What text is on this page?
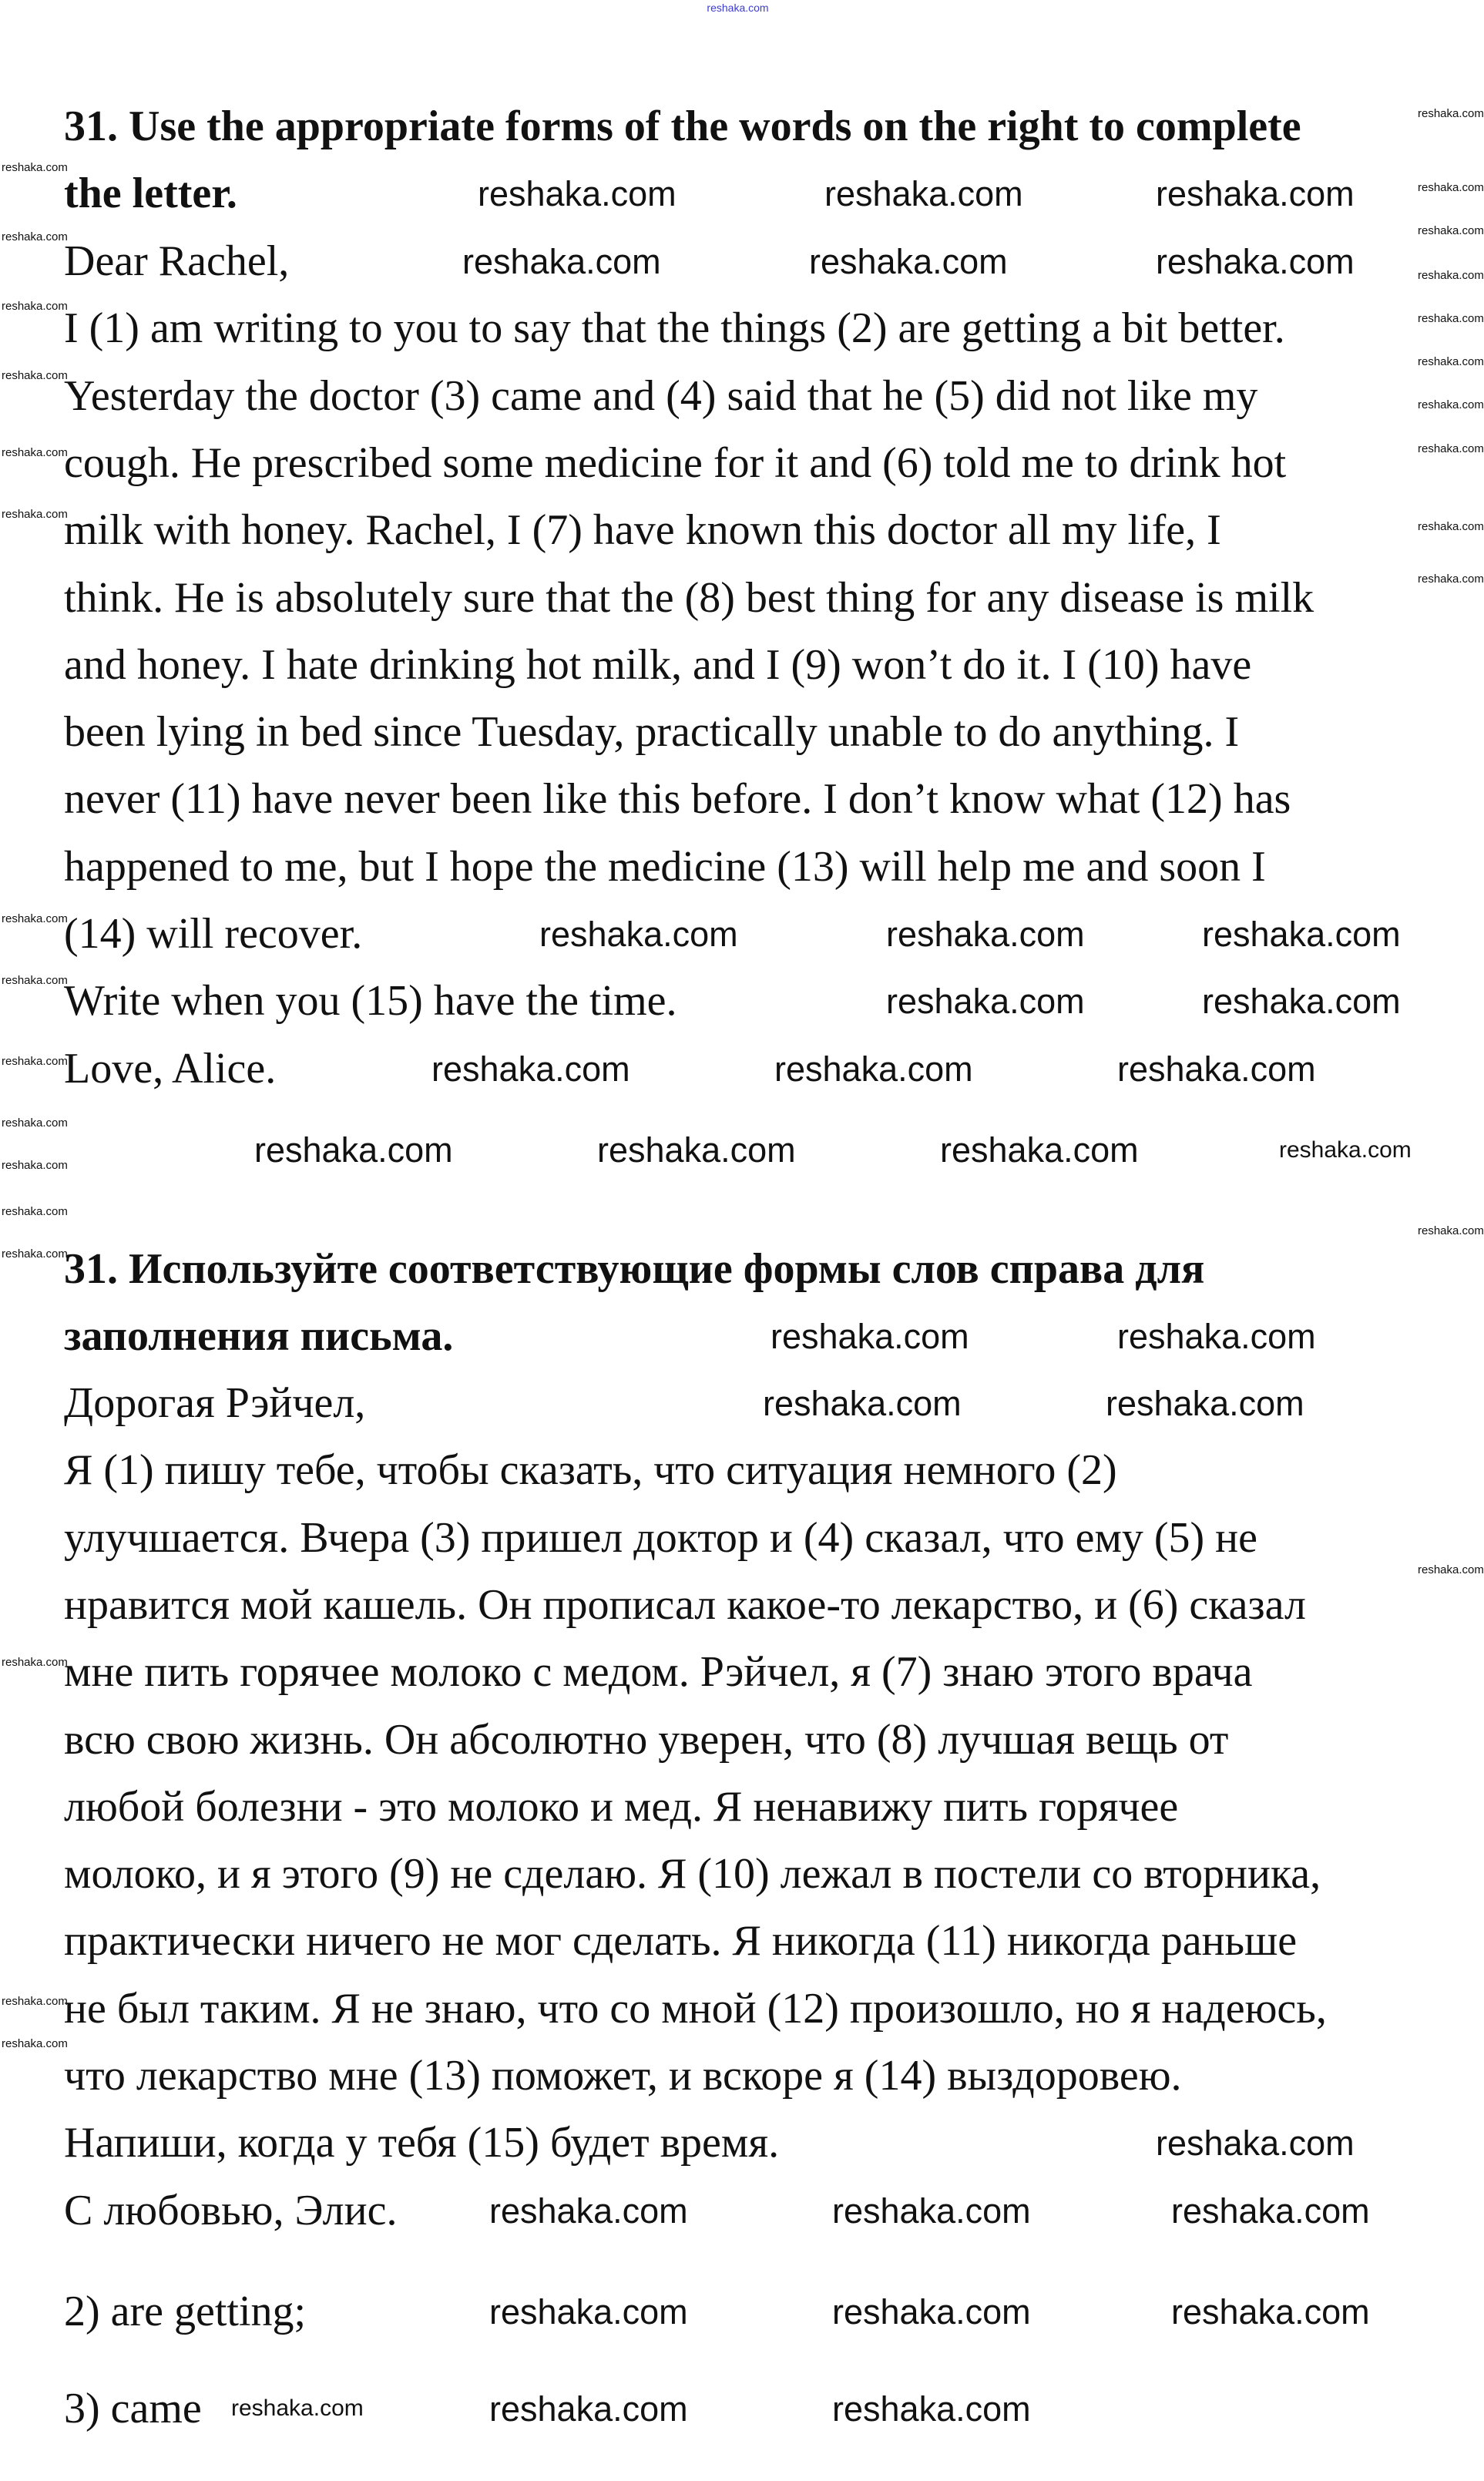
reshaka.com
31. Use the appropriate forms of the words on the right to complete
the letter.
Dear Rachel,
I (1) am writing to you to say that the things (2) are getting a bit better.
Yesterday the doctor (3) came and (4) said that he (5) did not like my
cough. He prescribed some medicine for it and (6) told me to drink hot
milk with honey. Rachel, I (7) have known this doctor all my life, I
think. He is absolutely sure that the (8) best thing for any disease is milk
and honey. I hate drinking hot milk, and I (9) won’t do it. I (10) have
been lying in bed since Tuesday, practically unable to do anything. I
never (11) have never been like this before. I don’t know what (12) has
happened to me, but I hope the medicine (13) will help me and soon I
(14) will recover.
Write when you (15) have the time.
Love, Alice.
31. Используйте соответствующие формы слов справа для
заполнения письма.
Дорогая Рэйчел,
Я (1) пишу тебе, чтобы сказать, что ситуация немного (2)
улучшается. Вчера (3) пришел доктор и (4) сказал, что ему (5) не
нравится мой кашель. Он прописал какое-то лекарство, и (6) сказал
мне пить горячее молоко с медом. Рэйчел, я (7) знаю этого врача
всю свою жизнь. Он абсолютно уверен, что (8) лучшая вещь от
любой болезни - это молоко и мед. Я ненавижу пить горячее
молоко, и я этого (9) не сделаю. Я (10) лежал в постели со вторника,
практически ничего не мог сделать. Я никогда (11) никогда раньше
не был таким. Я не знаю, что со мной (12) произошло, но я надеюсь,
что лекарство мне (13) поможет, и вскоре я (14) выздоровею.
Напиши, когда у тебя (15) будет время.
С любовью, Элис.
2) are getting;
3) came
reshaka.com	reshaka.com	reshaka.com
reshaka.com	reshaka.com	reshaka.com
reshaka.com	reshaka.com	reshaka.com
reshaka.com	reshaka.com
reshaka.com	reshaka.com	reshaka.com
reshaka.com	reshaka.com	reshaka.com	reshaka.com
reshaka.com	reshaka.com
reshaka.com	reshaka.com
reshaka.com
reshaka.com	reshaka.com	reshaka.com
reshaka.com	reshaka.com	reshaka.com
reshaka.com	reshaka.com	reshaka.com
reshaka.com
reshaka.com
reshaka.com
reshaka.com
reshaka.com
reshaka.com
reshaka.com
reshaka.com
reshaka.com
reshaka.com
reshaka.com
reshaka.com
reshaka.com
reshaka.com
reshaka.com
reshaka.com
reshaka.com
reshaka.com
reshaka.com
reshaka.com
reshaka.com
reshaka.com
reshaka.com
reshaka.com
reshaka.com
reshaka.com
reshaka.com
reshaka.com
